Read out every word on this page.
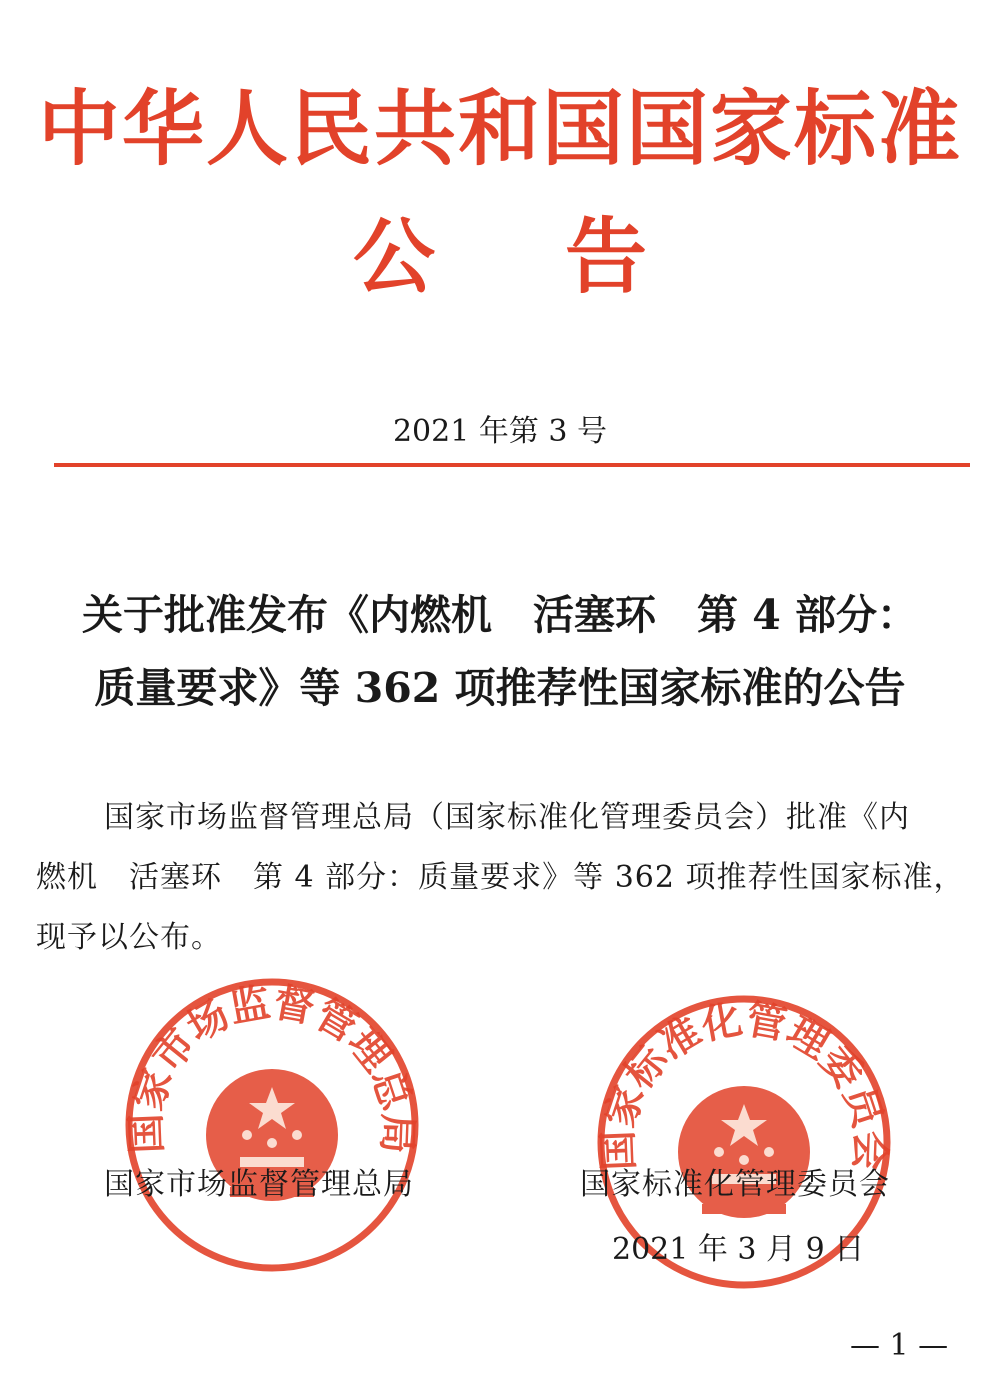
中华人民共和国国家标准
公告
2021 年第 3 号
关于批准发布《内燃机　活塞环　第 4 部分：
质量要求》等 362 项推荐性国家标准的公告
国家市场监督管理总局（国家标准化管理委员会）批准《内
燃机　活塞环　第 4 部分：质量要求》等 362 项推荐性国家标准，
现予以公布。
国家市场监督管理总局	国家标准化管理委员会
国家市场监督管理总局	国家标准化管理委员会
2021 年 3 月 9 日
— 1 —
